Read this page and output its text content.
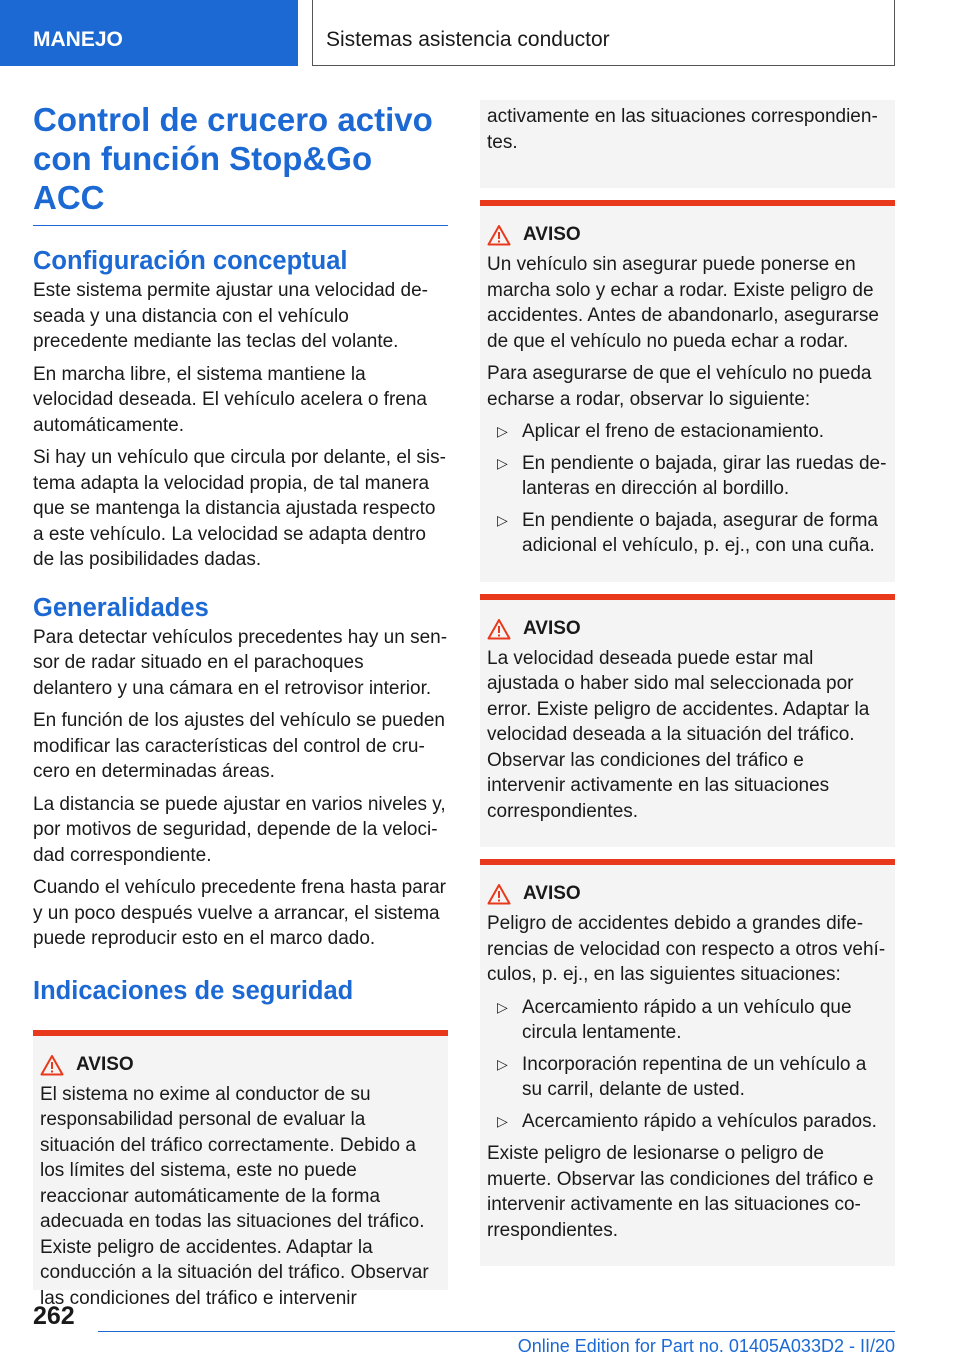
MANEJO	Sistemas asistencia conductor
Control de crucero activo
con función Stop&Go ACC
Configuración conceptual

Este sistema permite ajustar una velocidad deseada y una distancia con el vehículo precedente mediante las teclas del volante.

En marcha libre, el sistema mantiene la velocidad deseada. El vehículo acelera o frena automáticamente.

Si hay un vehículo que circula por delante, el sistema adapta la velocidad propia, de tal manera que se mantenga la distancia ajustada respecto a este vehículo. La velocidad se adapta dentro de las posibilidades dadas.

Generalidades

Para detectar vehículos precedentes hay un sensor de radar situado en el parachoques delantero y una cámara en el retrovisor interior.

En función de los ajustes del vehículo se pueden modificar las características del control de crucero en determinadas áreas.

La distancia se puede ajustar en varios niveles y, por motivos de seguridad, depende de la velocidad correspondiente.

Cuando el vehículo precedente frena hasta parar y un poco después vuelve a arrancar, el sistema puede reproducir esto en el marco dado.

Indicaciones de seguridad
AVISO

El sistema no exime al conductor de su responsabilidad personal de evaluar la situación del tráfico correctamente. Debido a los límites del sistema, este no puede reaccionar automáticamente de la forma adecuada en todas las situaciones del tráfico. Existe peligro de accidentes. Adaptar la conducción a la situación del tráfico. Observar las condiciones del tráfico e intervenir

activamente en las situaciones correspondientes.

AVISO

Un vehículo sin asegurar puede ponerse en marcha solo y echar a rodar. Existe peligro de accidentes. Antes de abandonarlo, asegurarse de que el vehículo no pueda echar a rodar.

Para asegurarse de que el vehículo no pueda echarse a rodar, observar lo siguiente:

▷ Aplicar el freno de estacionamiento.
▷ En pendiente o bajada, girar las ruedas delanteras en dirección al bordillo.
▷ En pendiente o bajada, asegurar de forma adicional el vehículo, p. ej., con una cuña.
AVISO

La velocidad deseada puede estar mal ajustada o haber sido mal seleccionada por error. Existe peligro de accidentes. Adaptar la velocidad deseada a la situación del tráfico. Observar las condiciones del tráfico e intervenir activamente en las situaciones correspondientes.

AVISO

Peligro de accidentes debido a grandes diferencias de velocidad con respecto a otros vehículos, p. ej., en las siguientes situaciones:

▷ Acercamiento rápido a un vehículo que circula lentamente.
▷ Incorporación repentina de un vehículo a su carril, delante de usted.
▷ Acercamiento rápido a vehículos parados.

Existe peligro de lesionarse o peligro de muerte. Observar las condiciones del tráfico e intervenir activamente en las situaciones correspondientes.

262
Online Edition for Part no. 01405A033D2 - II/20
